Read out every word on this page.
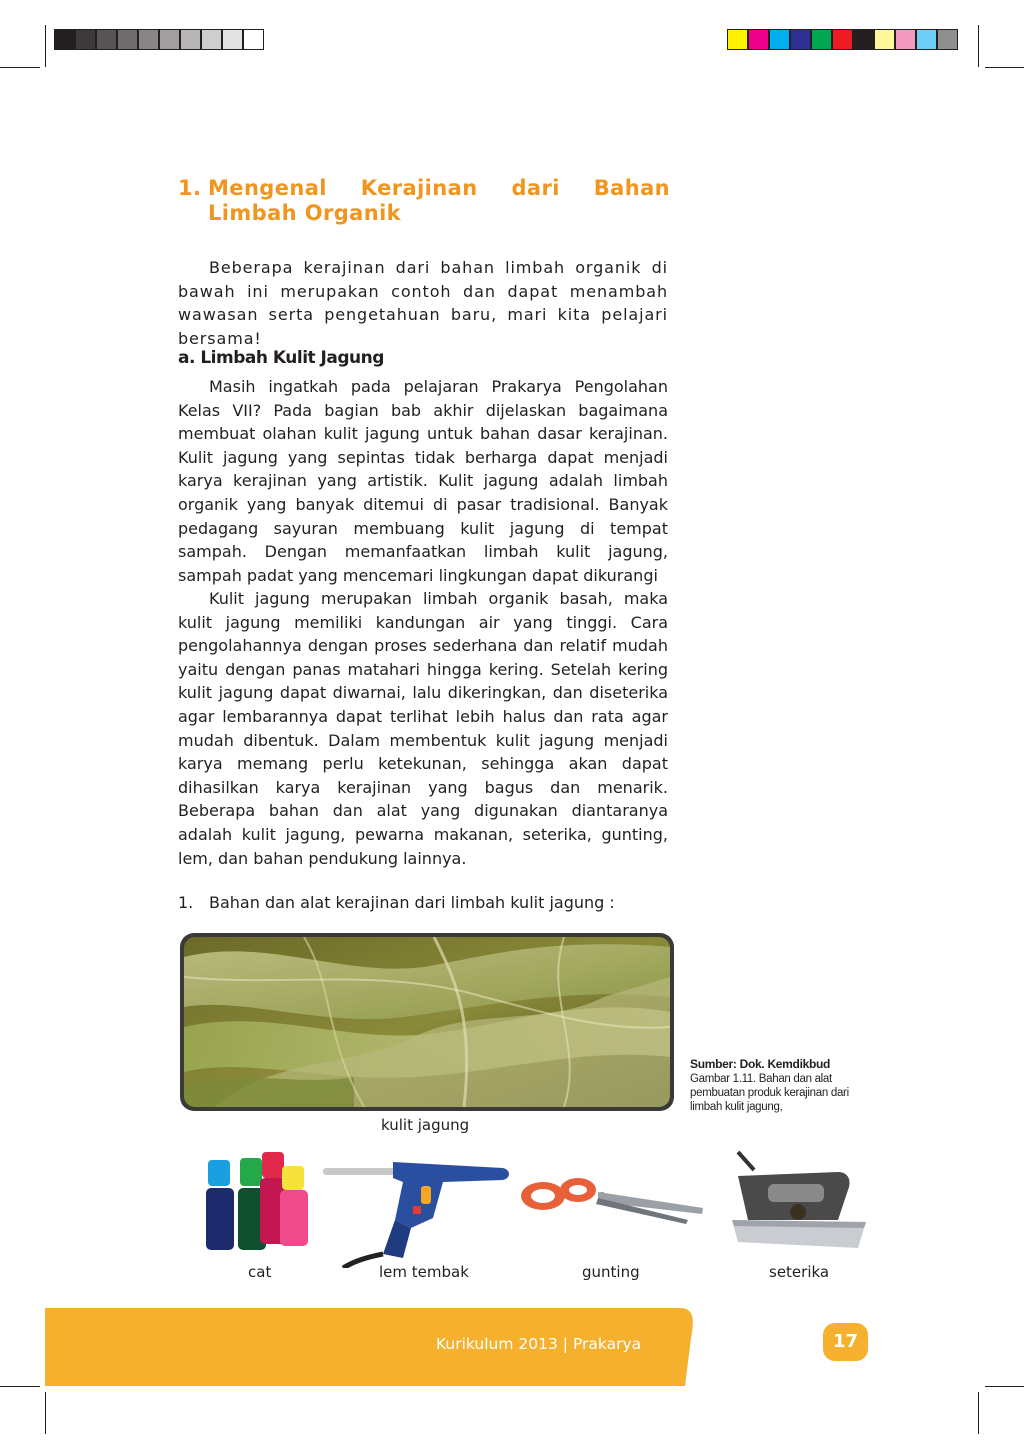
1. Mengenal Kerajinan dari Bahan Limbah Organik

Beberapa kerajinan dari bahan limbah organik di bawah ini merupakan contoh dan dapat menambah wawasan serta pengetahuan baru, mari kita pelajari bersama!

a. Limbah Kulit Jagung

Masih ingatkah pada pelajaran Prakarya Pengolahan Kelas VII? Pada bagian bab akhir dijelaskan bagaimana membuat olahan kulit jagung untuk bahan dasar kerajinan. Kulit jagung yang sepintas tidak berharga dapat menjadi karya kerajinan yang artistik. Kulit jagung adalah limbah organik yang banyak ditemui di pasar tradisional. Banyak pedagang sayuran membuang kulit jagung di tempat sampah. Dengan memanfaatkan limbah kulit jagung, sampah padat yang mencemari lingkungan dapat dikurangi

Kulit jagung merupakan limbah organik basah, maka kulit jagung memiliki kandungan air yang tinggi. Cara pengolahannya dengan proses sederhana dan relatif mudah yaitu dengan panas matahari hingga kering. Setelah kering kulit jagung dapat diwarnai, lalu dikeringkan, dan diseterika agar lembarannya dapat terlihat lebih halus dan rata agar mudah dibentuk. Dalam membentuk kulit jagung menjadi karya memang perlu ketekunan, sehingga akan dapat dihasilkan karya kerajinan yang bagus dan menarik. Beberapa bahan dan alat yang digunakan diantaranya adalah kulit jagung, pewarna makanan, seterika, gunting, lem, dan bahan pendukung lainnya.

1. Bahan dan alat kerajinan dari limbah kulit jagung :
kulit jagung
Sumber: Dok. Kemdikbud
Gambar 1.11. Bahan dan alat pembuatan produk kerajinan dari limbah kulit jagung,
cat	lem tembak	gunting	seterika
Kurikulum 2013 | Prakarya	17
